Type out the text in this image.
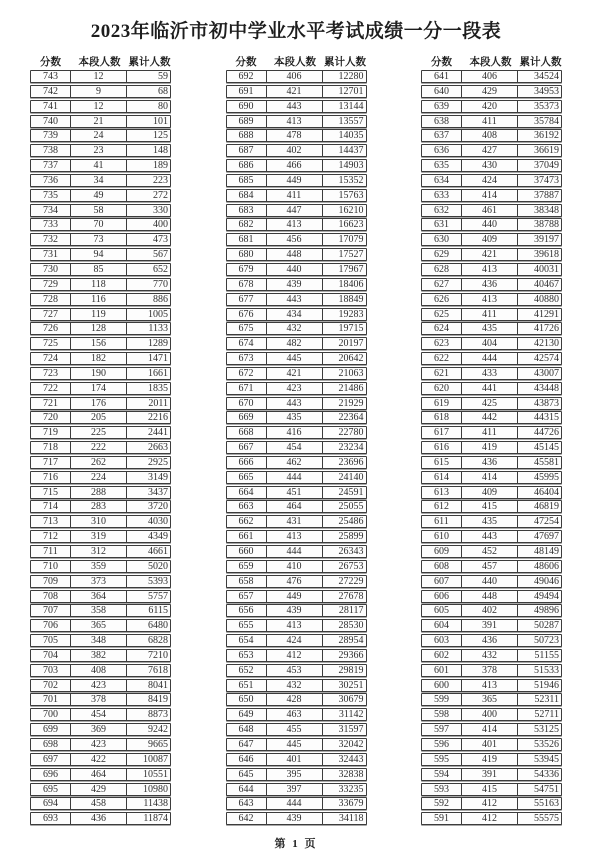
2023年临沂市初中学业水平考试成绩一分一段表
分数	本段人数 累计人数
743	12	59
742	9	68
741	12	80
740	21	101
739	24	125
738	23	148
737	41	189
736	34	223
735	49	272
734	58	330
733	70	400
732	73	473
731	94	567
730	85	652
729	118	770
728	116	886
727	119	1005
726	128	1133
725	156	1289
724	182	1471
723	190	1661
722	174	1835
721	176	2011
720	205	2216
719	225	2441
718	222	2663
717	262	2925
716	224	3149
715	288	3437
714	283	3720
713	310	4030
712	319	4349
711	312	4661
710	359	5020
709	373	5393
708	364	5757
707	358	6115
706	365	6480
705	348	6828
704	382	7210
703	408	7618
702	423	8041
701	378	8419
700	454	8873
699	369	9242
698	423	9665
697	422	10087
696	464	10551
695	429	10980
694	458	11438
693	436	11874
分数	本段人数 累计人数
692	406	12280
691	421	12701
690	443	13144
689	413	13557
688	478	14035
687	402	14437
686	466	14903
685	449	15352
684	411	15763
683	447	16210
682	413	16623
681	456	17079
680	448	17527
679	440	17967
678	439	18406
677	443	18849
676	434	19283
675	432	19715
674	482	20197
673	445	20642
672	421	21063
671	423	21486
670	443	21929
669	435	22364
668	416	22780
667	454	23234
666	462	23696
665	444	24140
664	451	24591
663	464	25055
662	431	25486
661	413	25899
660	444	26343
659	410	26753
658	476	27229
657	449	27678
656	439	28117
655	413	28530
654	424	28954
653	412	29366
652	453	29819
651	432	30251
650	428	30679
649	463	31142
648	455	31597
647	445	32042
646	401	32443
645	395	32838
644	397	33235
643	444	33679
642	439	34118
分数	本段人数 累计人数
641	406	34524
640	429	34953
639	420	35373
638	411	35784
637	408	36192
636	427	36619
635	430	37049
634	424	37473
633	414	37887
632	461	38348
631	440	38788
630	409	39197
629	421	39618
628	413	40031
627	436	40467
626	413	40880
625	411	41291
624	435	41726
623	404	42130
622	444	42574
621	433	43007
620	441	43448
619	425	43873
618	442	44315
617	411	44726
616	419	45145
615	436	45581
614	414	45995
613	409	46404
612	415	46819
611	435	47254
610	443	47697
609	452	48149
608	457	48606
607	440	49046
606	448	49494
605	402	49896
604	391	50287
603	436	50723
602	432	51155
601	378	51533
600	413	51946
599	365	52311
598	400	52711
597	414	53125
596	401	53526
595	419	53945
594	391	54336
593	415	54751
592	412	55163
591	412	55575
第 1 页
